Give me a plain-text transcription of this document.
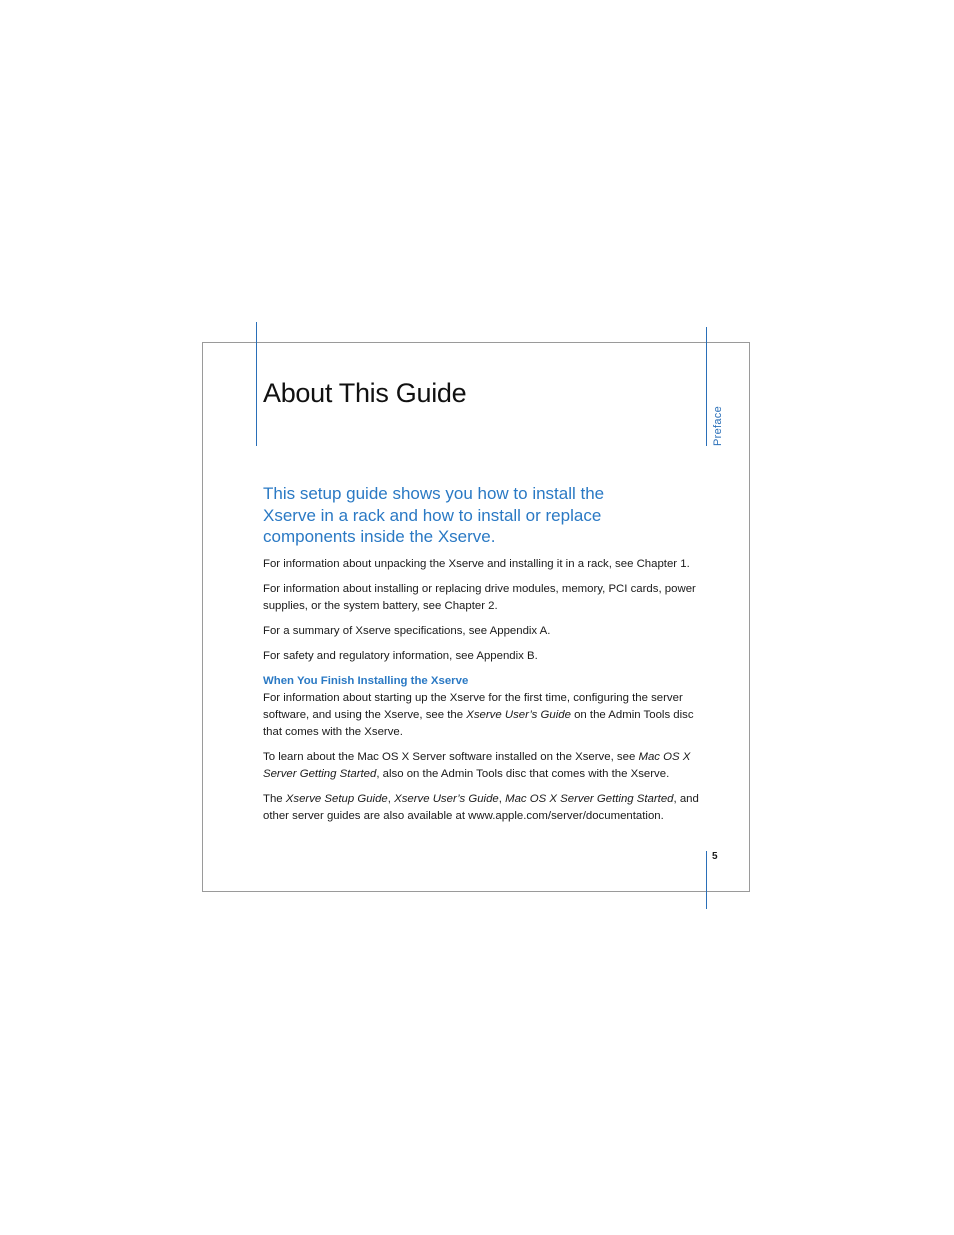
About This Guide
Preface

This setup guide shows you how to install the Xserve in a rack and how to install or replace components inside the Xserve.

For information about unpacking the Xserve and installing it in a rack, see Chapter 1.

For information about installing or replacing drive modules, memory, PCI cards, power supplies, or the system battery, see Chapter 2.

For a summary of Xserve specifications, see Appendix A.

For safety and regulatory information, see Appendix B.

When You Finish Installing the Xserve

For information about starting up the Xserve for the first time, configuring the server software, and using the Xserve, see the Xserve User’s Guide on the Admin Tools disc that comes with the Xserve.

To learn about the Mac OS X Server software installed on the Xserve, see Mac OS X Server Getting Started, also on the Admin Tools disc that comes with the Xserve.

The Xserve Setup Guide, Xserve User’s Guide, Mac OS X Server Getting Started, and other server guides are also available at www.apple.com/server/documentation.

5
